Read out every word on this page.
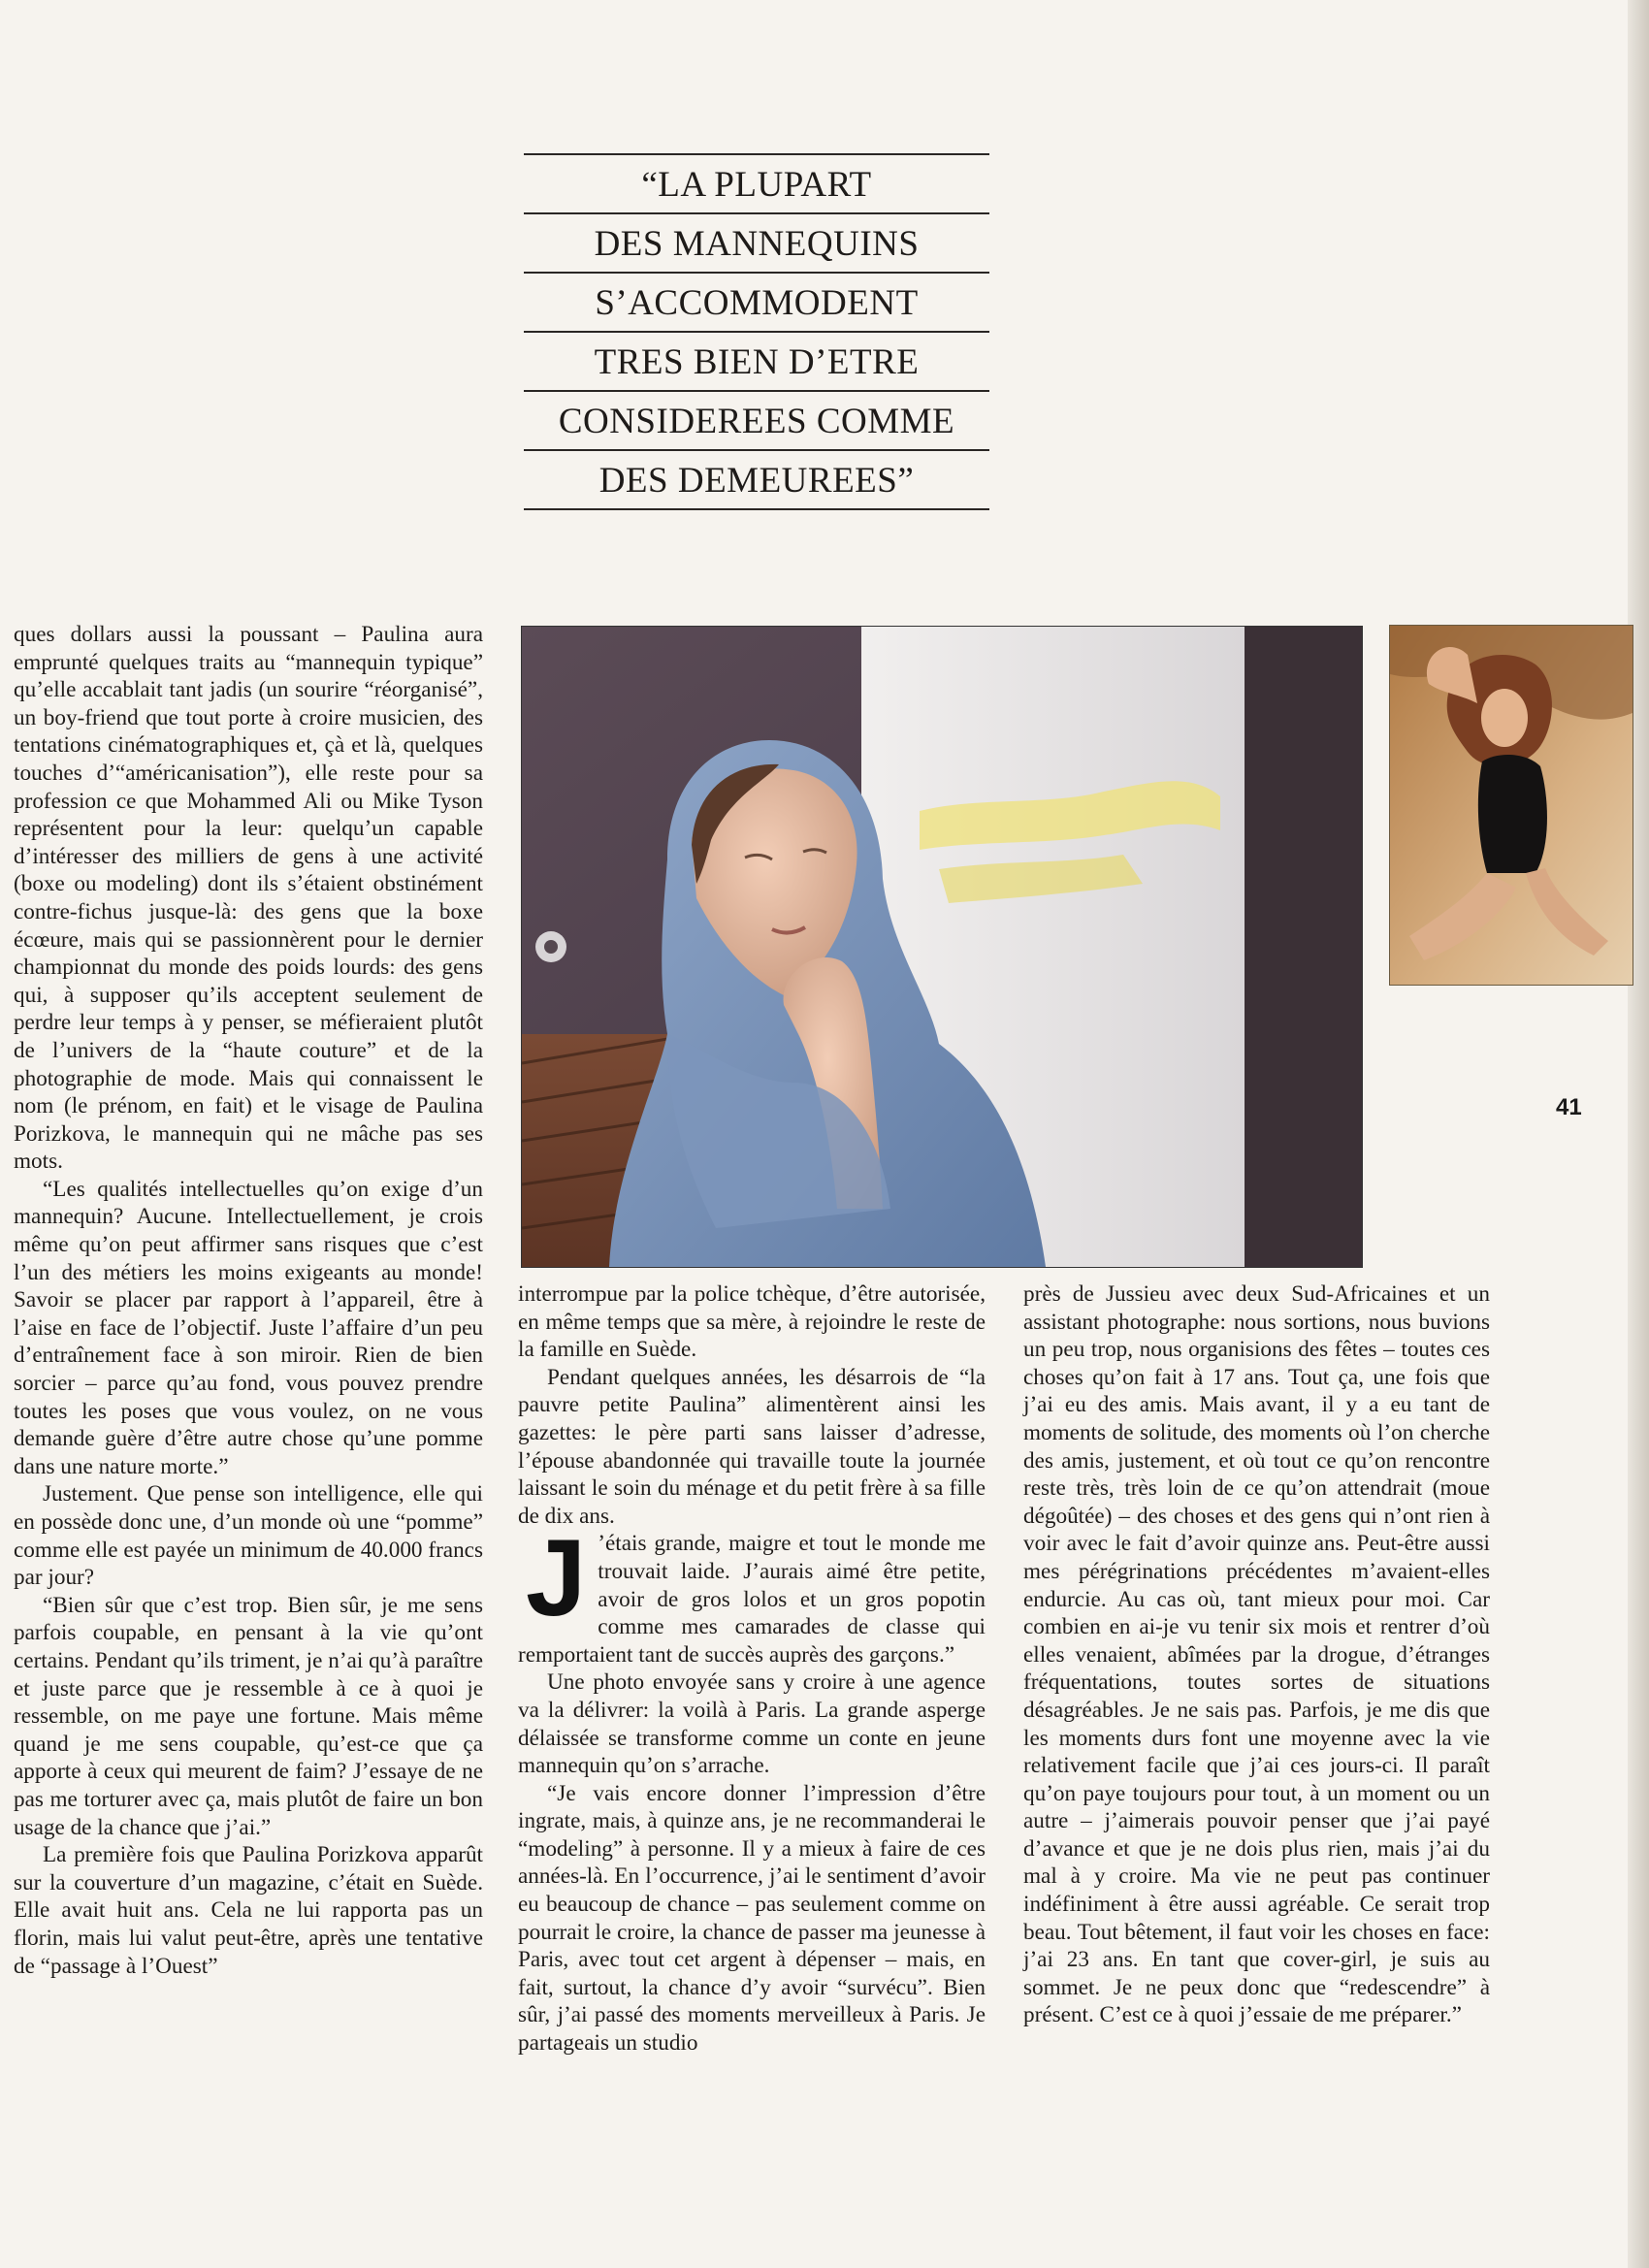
“LA PLUPART
DES MANNEQUINS
S’ACCOMMODENT
TRES BIEN D’ETRE
CONSIDEREES COMME
DES DEMEUREES”

ques dollars aussi la poussant – Paulina aura emprunté quelques traits au “mannequin typique” qu’elle accablait tant jadis (un sourire “réorganisé”, un boy-friend que tout porte à croire musicien, des tentations cinématographiques et, çà et là, quelques touches d’“américanisation”), elle reste pour sa profession ce que Mohammed Ali ou Mike Tyson représentent pour la leur: quelqu’un capable d’intéresser des milliers de gens à une activité (boxe ou modeling) dont ils s’étaient obstinément contre-fichus jusque-là: des gens que la boxe écœure, mais qui se passionnèrent pour le dernier championnat du monde des poids lourds: des gens qui, à supposer qu’ils acceptent seulement de perdre leur temps à y penser, se méfieraient plutôt de l’univers de la “haute couture” et de la photographie de mode. Mais qui connaissent le nom (le prénom, en fait) et le visage de Paulina Porizkova, le mannequin qui ne mâche pas ses mots.

“Les qualités intellectuelles qu’on exige d’un mannequin? Aucune. Intellectuellement, je crois même qu’on peut affirmer sans risques que c’est l’un des métiers les moins exigeants au monde! Savoir se placer par rapport à l’appareil, être à l’aise en face de l’objectif. Juste l’affaire d’un peu d’entraînement face à son miroir. Rien de bien sorcier – parce qu’au fond, vous pouvez prendre toutes les poses que vous voulez, on ne vous demande guère d’être autre chose qu’une pomme dans une nature morte.”

Justement. Que pense son intelligence, elle qui en possède donc une, d’un monde où une “pomme” comme elle est payée un minimum de 40.000 francs par jour?

“Bien sûr que c’est trop. Bien sûr, je me sens parfois coupable, en pensant à la vie qu’ont certains. Pendant qu’ils triment, je n’ai qu’à paraître et juste parce que je ressemble à ce à quoi je ressemble, on me paye une fortune. Mais même quand je me sens coupable, qu’est-ce que ça apporte à ceux qui meurent de faim? J’essaye de ne pas me torturer avec ça, mais plutôt de faire un bon usage de la chance que j’ai.”

La première fois que Paulina Porizkova apparût sur la couverture d’un magazine, c’était en Suède. Elle avait huit ans. Cela ne lui rapporta pas un florin, mais lui valut peut-être, après une tentative de “passage à l’Ouest”

41

interrompue par la police tchèque, d’être autorisée, en même temps que sa mère, à rejoindre le reste de la famille en Suède.

Pendant quelques années, les désarrois de “la pauvre petite Paulina” alimentèrent ainsi les gazettes: le père parti sans laisser d’adresse, l’épouse abandonnée qui travaille toute la journée laissant le soin du ménage et du petit frère à sa fille de dix ans.

J ’étais grande, maigre et tout le monde me trouvait laide. J’aurais aimé être petite, avoir de gros lolos et un gros popotin comme mes camarades de classe qui remportaient tant de succès auprès des garçons.”

Une photo envoyée sans y croire à une agence va la délivrer: la voilà à Paris. La grande asperge délaissée se transforme comme un conte en jeune mannequin qu’on s’arrache.

“Je vais encore donner l’impression d’être ingrate, mais, à quinze ans, je ne recommanderai le “modeling” à personne. Il y a mieux à faire de ces années-là. En l’occurrence, j’ai le sentiment d’avoir eu beaucoup de chance – pas seulement comme on pourrait le croire, la chance de passer ma jeunesse à Paris, avec tout cet argent à dépenser – mais, en fait, surtout, la chance d’y avoir “survécu”. Bien sûr, j’ai passé des moments merveilleux à Paris. Je partageais un studio

près de Jussieu avec deux Sud-Africaines et un assistant photographe: nous sortions, nous buvions un peu trop, nous organisions des fêtes – toutes ces choses qu’on fait à 17 ans. Tout ça, une fois que j’ai eu des amis. Mais avant, il y a eu tant de moments de solitude, des moments où l’on cherche des amis, justement, et où tout ce qu’on rencontre reste très, très loin de ce qu’on attendrait (moue dégoûtée) – des choses et des gens qui n’ont rien à voir avec le fait d’avoir quinze ans. Peut-être aussi mes pérégrinations précédentes m’avaient-elles endurcie. Au cas où, tant mieux pour moi. Car combien en ai-je vu tenir six mois et rentrer d’où elles venaient, abîmées par la drogue, d’étranges fréquentations, toutes sortes de situations désagréables. Je ne sais pas. Parfois, je me dis que les moments durs font une moyenne avec la vie relativement facile que j’ai ces jours-ci. Il paraît qu’on paye toujours pour tout, à un moment ou un autre – j’aimerais pouvoir penser que j’ai payé d’avance et que je ne dois plus rien, mais j’ai du mal à y croire. Ma vie ne peut pas continuer indéfiniment à être aussi agréable. Ce serait trop beau. Tout bêtement, il faut voir les choses en face: j’ai 23 ans. En tant que cover-girl, je suis au sommet. Je ne peux donc que “redescendre” à présent. C’est ce à quoi j’essaie de me préparer.”
